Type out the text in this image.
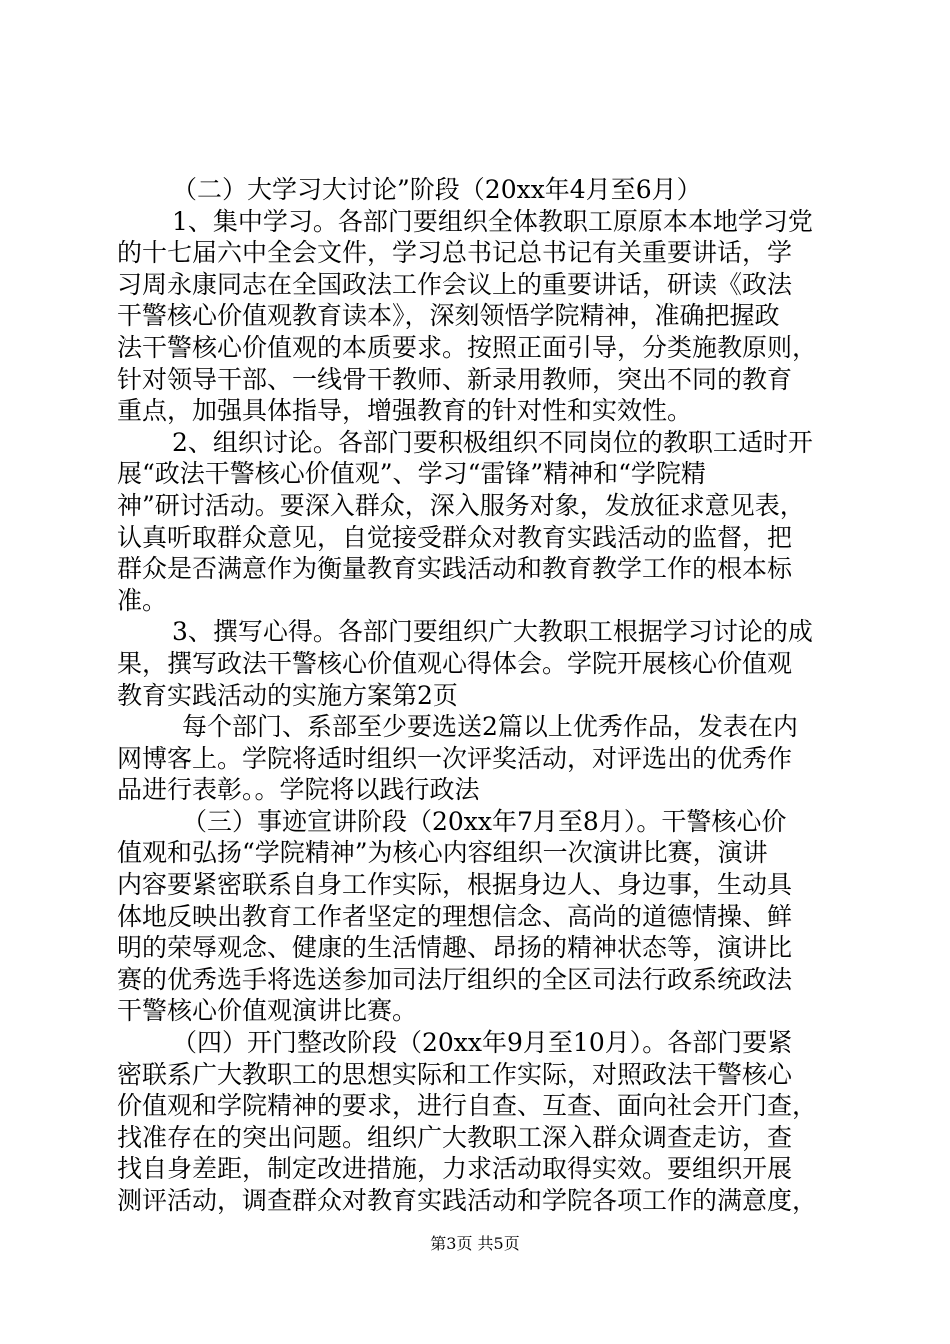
（二）大学习大讨论”阶段（20xx年4月至6月）
1、集中学习。各部门要组织全体教职工原原本本地学习党
的十七届六中全会文件，学习总书记总书记有关重要讲话，学
习周永康同志在全国政法工作会议上的重要讲话，研读《政法
干警核心价值观教育读本》，深刻领悟学院精神，准确把握政
法干警核心价值观的本质要求。按照正面引导，分类施教原则，
针对领导干部、一线骨干教师、新录用教师，突出不同的教育
重点，加强具体指导，增强教育的针对性和实效性。
2、组织讨论。各部门要积极组织不同岗位的教职工适时开
展“政法干警核心价值观”、学习“雷锋”精神和“学院精
神”研讨活动。要深入群众，深入服务对象，发放征求意见表，
认真听取群众意见，自觉接受群众对教育实践活动的监督，把
群众是否满意作为衡量教育实践活动和教育教学工作的根本标
准。
3、撰写心得。各部门要组织广大教职工根据学习讨论的成
果，撰写政法干警核心价值观心得体会。学院开展核心价值观
教育实践活动的实施方案第2页
每个部门、系部至少要选送2篇以上优秀作品，发表在内
网博客上。学院将适时组织一次评奖活动，对评选出的优秀作
品进行表彰。。学院将以践行政法
（三）事迹宣讲阶段（20xx年7月至8月）。干警核心价
值观和弘扬“学院精神”为核心内容组织一次演讲比赛，演讲
内容要紧密联系自身工作实际，根据身边人、身边事，生动具
体地反映出教育工作者坚定的理想信念、高尚的道德情操、鲜
明的荣辱观念、健康的生活情趣、昂扬的精神状态等，演讲比
赛的优秀选手将选送参加司法厅组织的全区司法行政系统政法
干警核心价值观演讲比赛。
（四）开门整改阶段（20xx年9月至10月）。各部门要紧
密联系广大教职工的思想实际和工作实际，对照政法干警核心
价值观和学院精神的要求，进行自查、互查、面向社会开门查，
找准存在的突出问题。组织广大教职工深入群众调查走访，查
找自身差距，制定改进措施，力求活动取得实效。要组织开展
测评活动，调查群众对教育实践活动和学院各项工作的满意度，
第3页 共5页
